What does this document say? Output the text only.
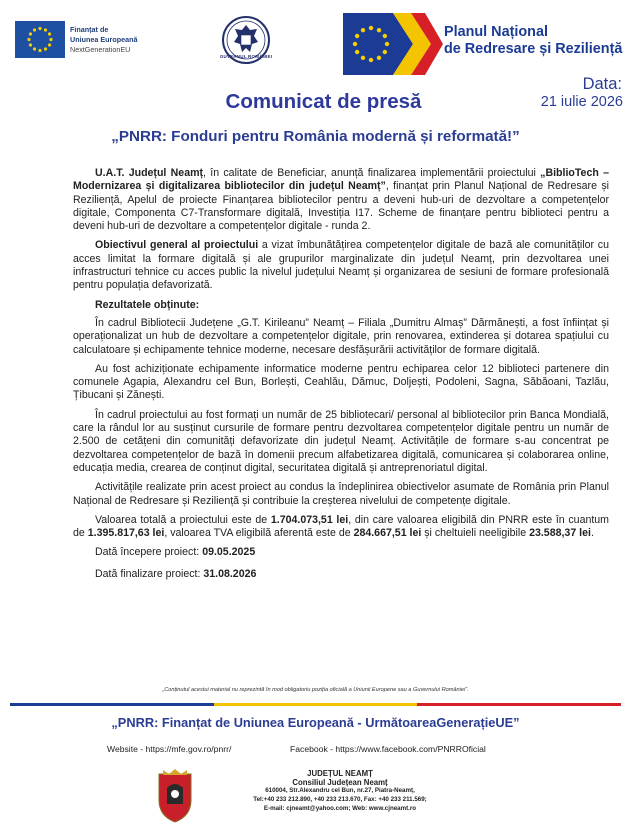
Finanțat de
Uniunea Europeană
NextGenerationEU
GUVERNUL ROMÂNIEI
Planul Național
de Redresare și Reziliență
Data:
21 iulie 2026
Comunicat de presă
„PNRR: Fonduri pentru România modernă și reformată!”

U.A.T. Județul Neamț, în calitate de Beneficiar, anunță finalizarea implementării proiectului „BiblioTech – Modernizarea și digitalizarea bibliotecilor din județul Neamț”, finanțat prin Planul Național de Redresare și Reziliență, Apelul de proiecte Finanțarea bibliotecilor pentru a deveni hub-uri de dezvoltare a competențelor digitale, Componenta C7-Transformare digitală, Investiția I17. Scheme de finanțare pentru biblioteci pentru a deveni hub-uri de dezvoltare a competențelor digitale - runda 2.

Obiectivul general al proiectului a vizat îmbunătățirea competențelor digitale de bază ale comunităților cu acces limitat la formare digitală și ale grupurilor marginalizate din județul Neamț, prin dezvoltarea unei infrastructuri tehnice cu acces public la nivelul județului Neamț și organizarea de sesiuni de formare profesională pentru populația defavorizată.

Rezultatele obținute:

În cadrul Bibliotecii Județene „G.T. Kirileanu” Neamț – Filiala „Dumitru Almaș” Dărmănești, a fost înființat și operaționalizat un hub de dezvoltare a competențelor digitale, prin renovarea, extinderea și dotarea spațiului cu calculatoare și echipamente tehnice moderne, necesare desfășurării activităților de formare digitală.

Au fost achiziționate echipamente informatice moderne pentru echiparea celor 12 biblioteci partenere din comunele Agapia, Alexandru cel Bun, Borlești, Ceahlău, Dămuc, Doljești, Podoleni, Sagna, Săbăoani, Tazlău, Țibucani și Zănești.

În cadrul proiectului au fost formați un număr de 25 bibliotecari/ personal al bibliotecilor prin Banca Mondială, care la rândul lor au susținut cursurile de formare pentru dezvoltarea competențelor digitale pentru un număr de 2.500 de cetățeni din comunități defavorizate din județul Neamț. Activitățile de formare s-au concentrat pe dezvoltarea competențelor de bază în domenii precum alfabetizarea digitală, comunicarea și colaborarea online, educația media, crearea de conținut digital, securitatea digitală și antreprenoriatul digital.

Activitățile realizate prin acest proiect au condus la îndeplinirea obiectivelor asumate de România prin Planul Național de Redresare și Reziliență și contribuie la creșterea nivelului de competențe digitale.

Valoarea totală a proiectului este de 1.704.073,51 lei, din care valoarea eligibilă din PNRR este în cuantum de 1.395.817,63 lei, valoarea TVA eligibilă aferentă este de 284.667,51 lei și cheltuieli neeligibile 23.588,37 lei.

Dată începere proiect: 09.05.2025

Dată finalizare proiect: 31.08.2026

„Conținutul acestui material nu reprezintă în mod obligatoriu poziția oficială a Uniunii Europene sau a Guvernului României”.
„PNRR: Finanțat de Uniunea Europeană - UrmătoareaGenerațieUE”
Website - https://mfe.gov.ro/pnrr/	Facebook - https://www.facebook.com/PNRROficial
JUDEȚUL NEAMȚ
Consiliul Județean Neamț
610004, Str.Alexandru cel Bun, nr.27, Piatra-Neamț,
Tel:+40 233 212.890, +40 233 213.670, Fax: +40 233 211.569;
E-mail: cjneamt@yahoo.com; Web: www.cjneamt.ro
